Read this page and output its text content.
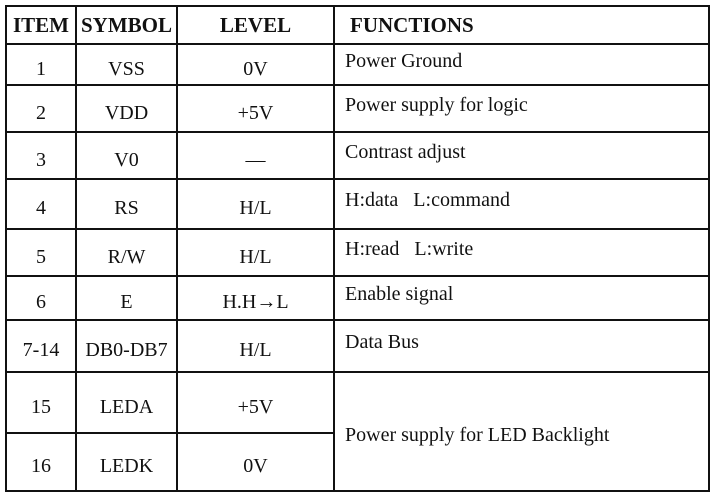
ITEM	SYMBOL	LEVEL	FUNCTIONS
1	VSS	0V	Power Ground
2	VDD	+5V	Power supply for logic
3	V0	—	Contrast adjust
4	RS	H/L	H:data   L:command
5	R/W	H/L	H:read   L:write
6	E	H.H→L	Enable signal
7-14	DB0-DB7	H/L	Data Bus
15	LEDA	+5V	Power supply for LED Backlight
16	LEDK	0V	
